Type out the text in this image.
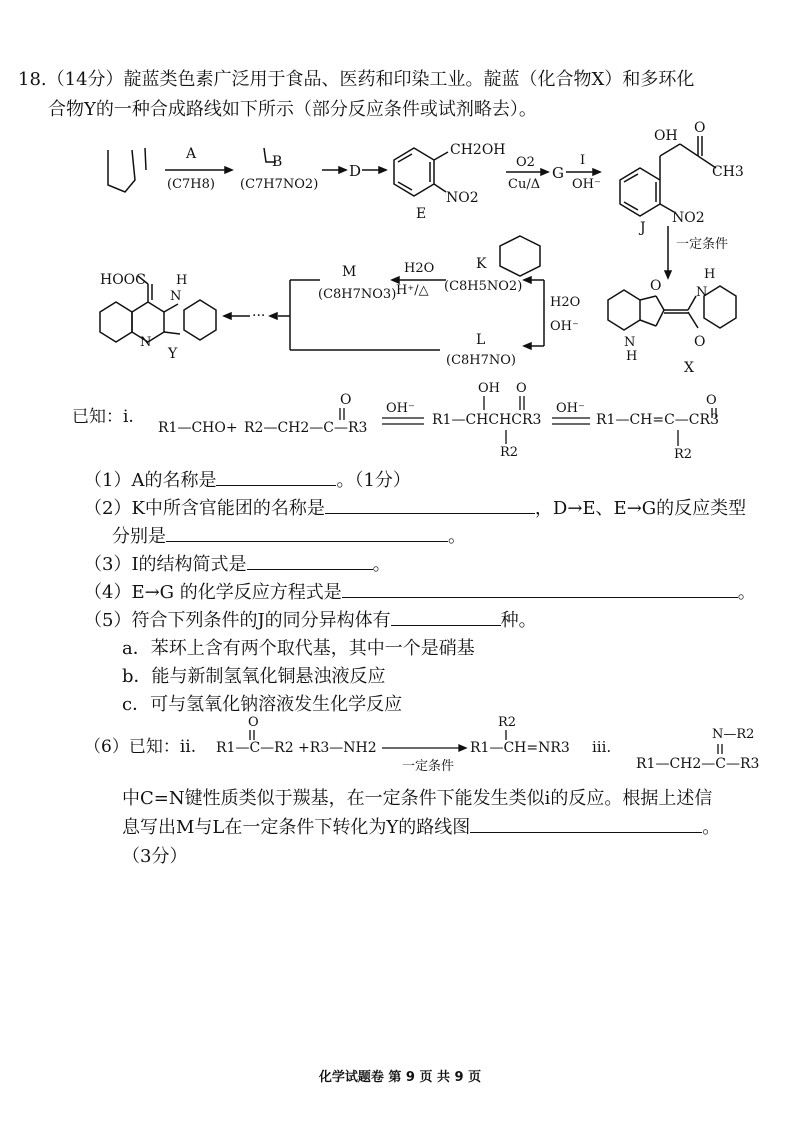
18.（14分）靛蓝类色素广泛用于食品、医药和印染工业。靛蓝（化合物X）和多环化
合物Y的一种合成路线如下所示（部分反应条件或试剂略去）。
A
(C7H8)
B
(C7H7NO2)
D
CH2OH
NO2
E
O2
Cu/Δ
G
I
OH⁻
OH O
CH3
NO2
J
一定条件
K
(C8H5NO2)
H2O
H⁺/△
M
(C8H7NO3)
L
(C8H7NO)
H2O
OH⁻
O
H
N
N
H
O
X
HOOC H
N
N
Y
···
已知：i.
R1—CHO+ R2—CH2—C—R3
O
OH⁻
R1—CHCHCR3
OH O
R2
OH⁻
R1—CH=C—CR3
O
R2
（1）A的名称是	。（1分）
（2）K中所含官能团的名称是	，D→E、E→G的反应类型
分别是	。
（3）I的结构简式是	。
（4）E→G 的化学反应方程式是	。
（5）符合下列条件的J的同分异构体有	种。
a．苯环上含有两个取代基，其中一个是硝基
b．能与新制氢氧化铜悬浊液反应
c．可与氢氧化钠溶液发生化学反应
（6）已知：ii. R1—C—R2 +R3—NH2
O
一定条件
R1—CH=NR3
R2
iii.
R1—CH2—C—R3
N—R2
中C=N键性质类似于羰基，在一定条件下能发生类似i的反应。根据上述信
息写出M与L在一定条件下转化为Y的路线图	。
（3分）
化学试题卷 第 9 页 共 9 页
